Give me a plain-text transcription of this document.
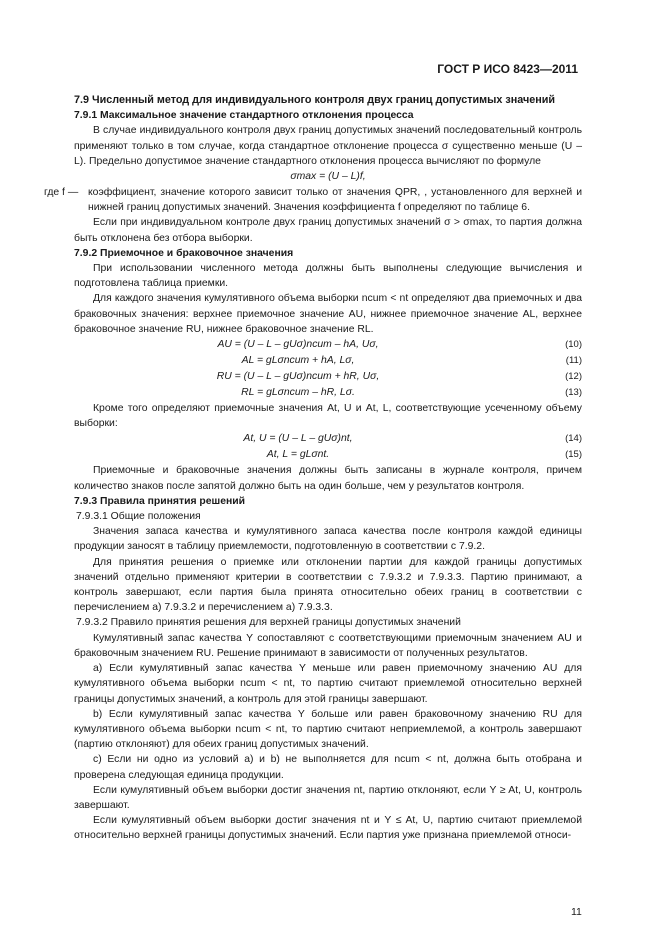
ГОСТ Р ИСО 8423—2011

7.9 Численный метод для индивидуального контроля двух границ допустимых значений

7.9.1 Максимальное значение стандартного отклонения процесса

В случае индивидуального контроля двух границ допустимых значений последовательный контроль применяют только в том случае, когда стандартное отклонение процесса σ существенно меньше (U – L). Предельно допустимое значение стандартного отклонения процесса вычисляют по формуле

σmax = (U – L)f,
где f — коэффициент, значение которого зависит только от значения QPR, , установленного для верхней и нижней границ допустимых значений. Значения коэффициента f определяют по таблице 6.

Если при индивидуальном контроле двух границ допустимых значений σ > σmax, то партия должна быть отклонена без отбора выборки.

7.9.2 Приемочное и браковочное значения

При использовании численного метода должны быть выполнены следующие вычисления и подготовлена таблица приемки.

Для каждого значения кумулятивного объема выборки ncum < nt определяют два приемочных и два браковочных значения: верхнее приемочное значение AU, нижнее приемочное значение AL, верхнее браковочное значение RU, нижнее браковочное значение RL.

AU = (U – L – gUσ)ncum – hA, Uσ,	(10)
AL = gLσncum + hA, Lσ,	(11)
RU = (U – L – gUσ)ncum + hR, Uσ,	(12)
RL = gLσncum – hR, Lσ.	(13)

Кроме того определяют приемочные значения At, U и At, L, соответствующие усеченному объему выборки:

At, U = (U – L – gUσ)nt,	(14)
At, L = gLσnt.	(15)

Приемочные и браковочные значения должны быть записаны в журнале контроля, причем количество знаков после запятой должно быть на один больше, чем у результатов контроля.

7.9.3 Правила принятия решений

7.9.3.1 Общие положения

Значения запаса качества и кумулятивного запаса качества после контроля каждой единицы продукции заносят в таблицу приемлемости, подготовленную в соответствии с 7.9.2.

Для принятия решения о приемке или отклонении партии для каждой границы допустимых значений отдельно применяют критерии в соответствии с 7.9.3.2 и 7.9.3.3. Партию принимают, а контроль завершают, если партия была принята относительно обеих границ в соответствии с перечислением a) 7.9.3.2 и перечислением a) 7.9.3.3.

7.9.3.2 Правило принятия решения для верхней границы допустимых значений

Кумулятивный запас качества Y сопоставляют с соответствующими приемочным значением AU и браковочным значением RU. Решение принимают в зависимости от полученных результатов.

a) Если кумулятивный запас качества Y меньше или равен приемочному значению AU для кумулятивного объема выборки ncum < nt, то партию считают приемлемой относительно верхней границы допустимых значений, а контроль для этой границы завершают.

b) Если кумулятивный запас качества Y больше или равен браковочному значению RU для кумулятивного объема выборки ncum < nt, то партию считают неприемлемой, а контроль завершают (партию отклоняют) для обеих границ допустимых значений.

c) Если ни одно из условий a) и b) не выполняется для ncum < nt, должна быть отобрана и проверена следующая единица продукции.

Если кумулятивный объем выборки достиг значения nt, партию отклоняют, если Y ≥ At, U, контроль завершают.

Если кумулятивный объем выборки достиг значения nt и Y ≤ At, U, партию считают приемлемой относительно верхней границы допустимых значений. Если партия уже признана приемлемой относи-

11
